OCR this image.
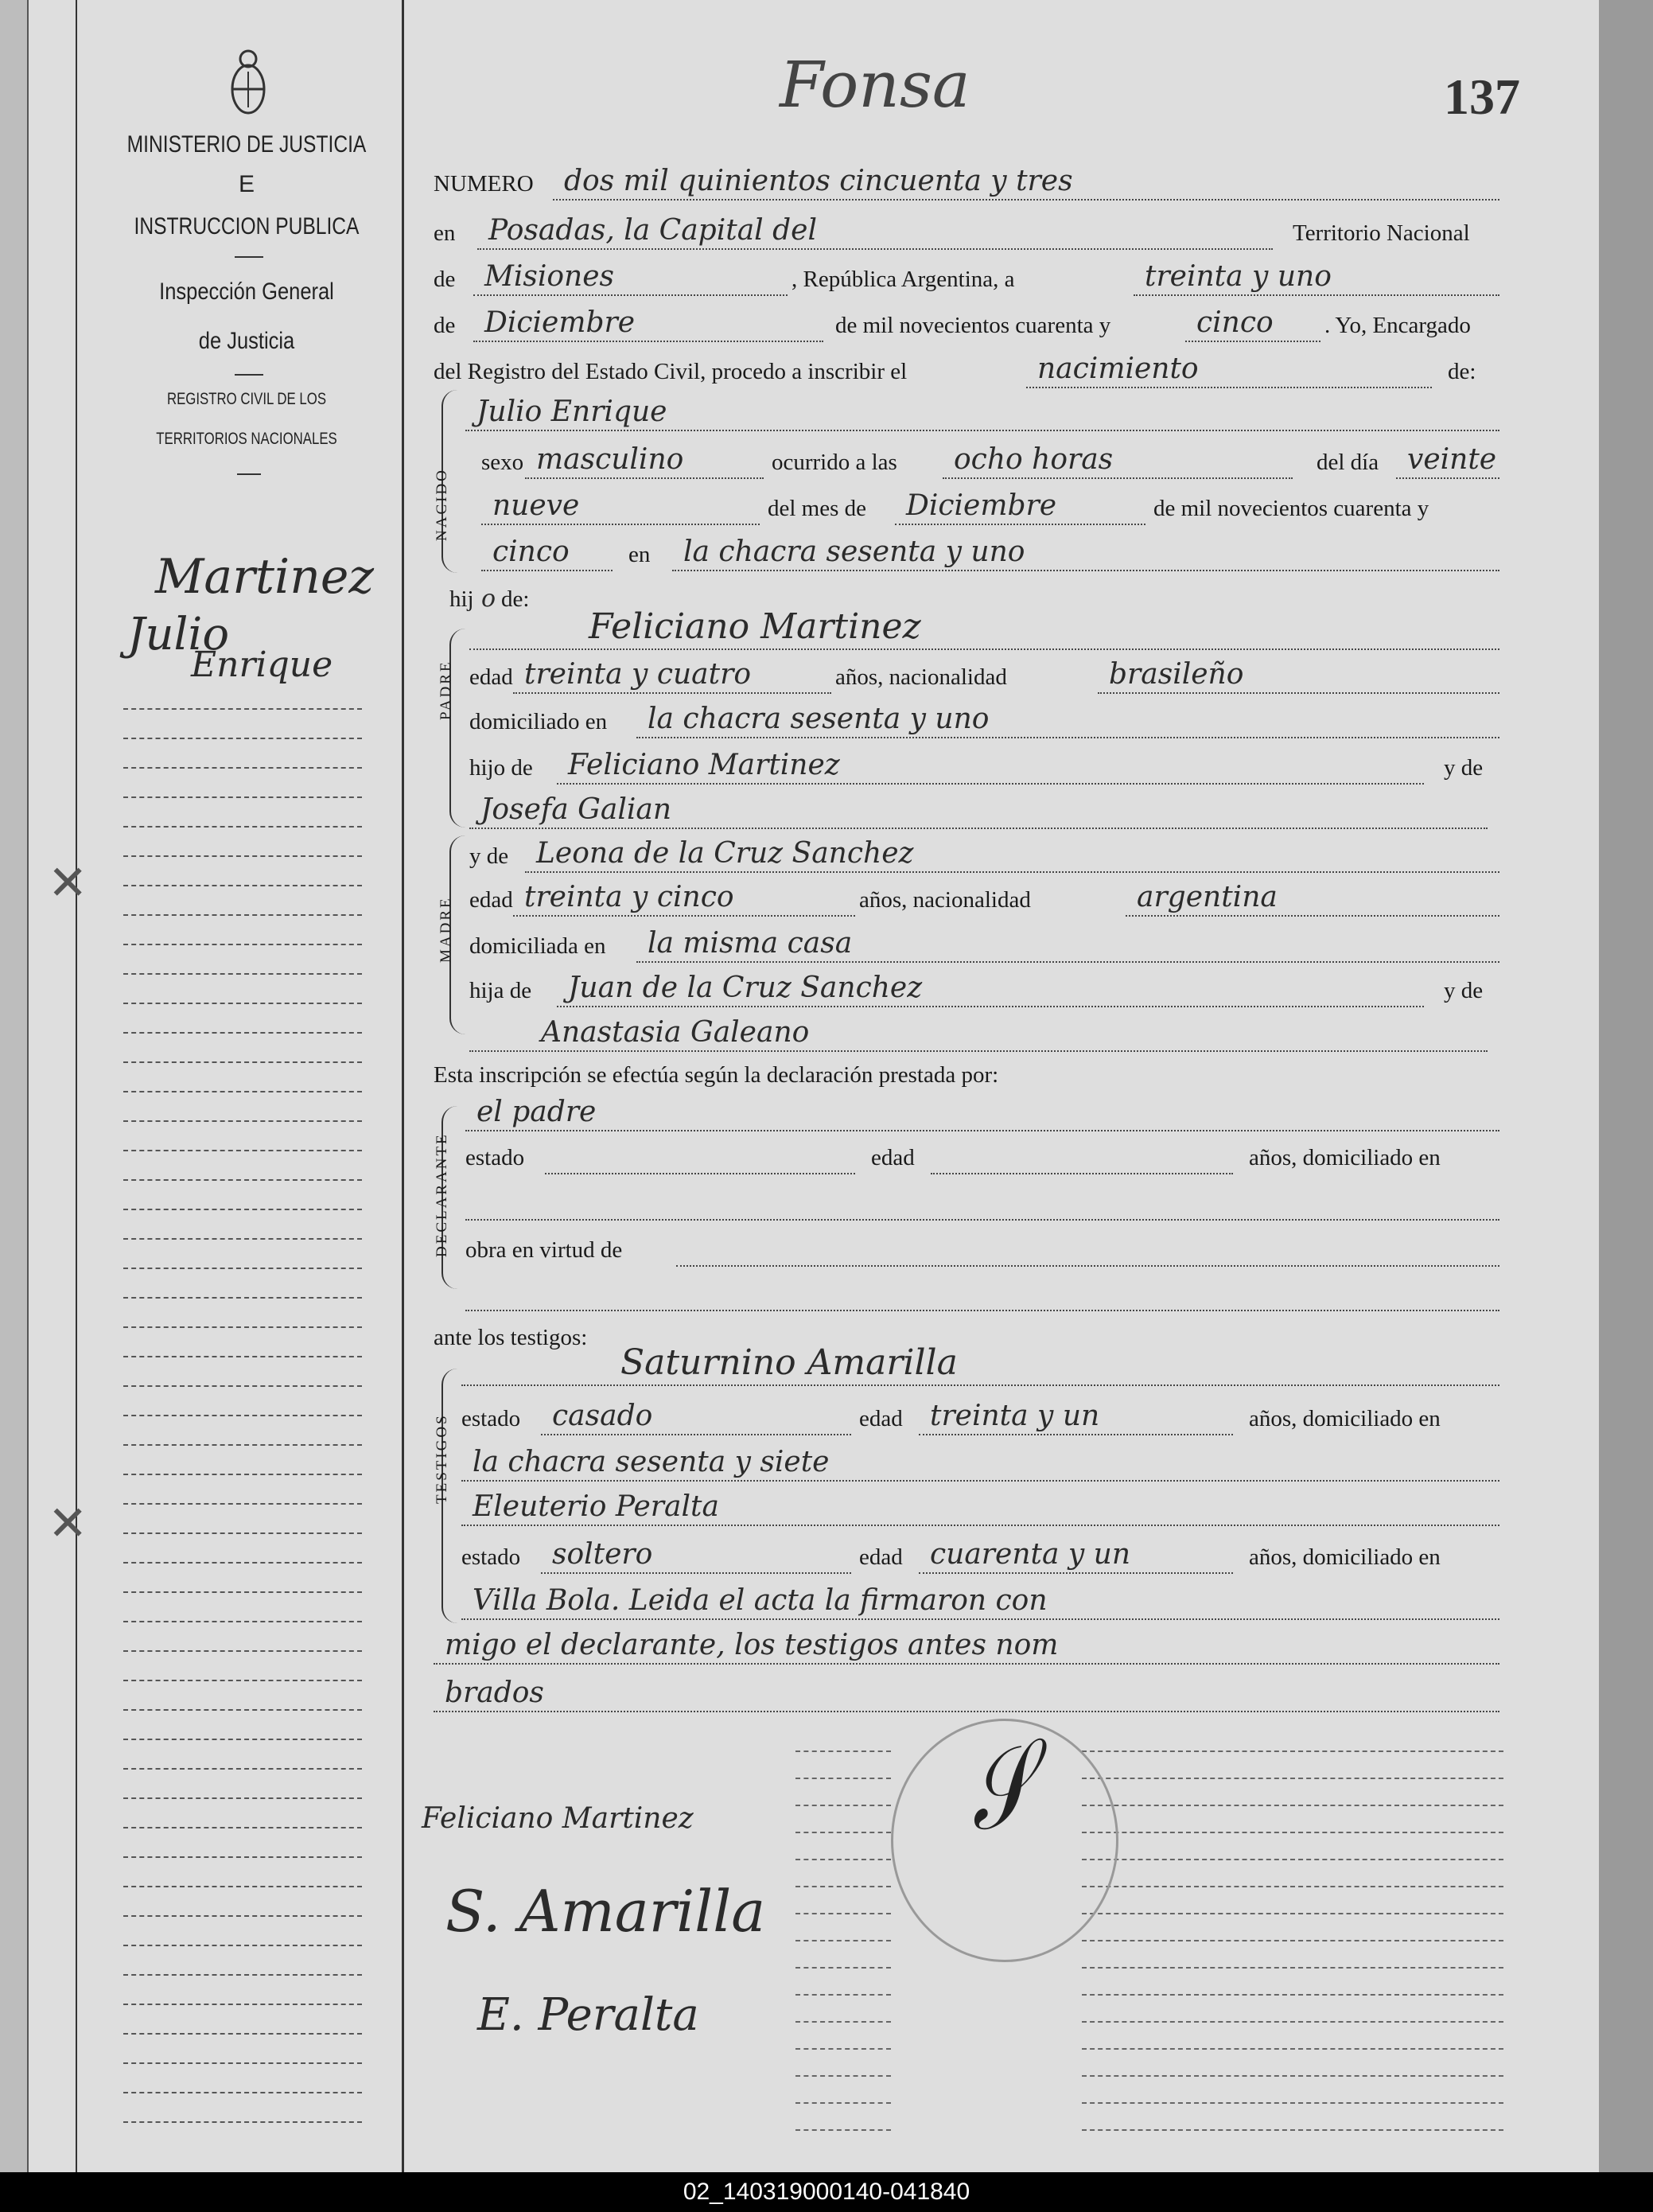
Fonsa	137
MINISTERIO DE JUSTICIA
E
INSTRUCCION PUBLICA
Inspección General
de Justicia
REGISTRO CIVIL DE LOS
TERRITORIOS NACIONALES
Martinez
Julio
Enrique
✕
✕
NUMERO dos mil quinientos cincuenta y tres
en Posadas, la Capital del	Territorio Nacional
de Misiones	, República Argentina, a	treinta y uno
de Diciembre	de mil novecientos cuarenta y	cinco . Yo, Encargado
del Registro del Estado Civil, procedo a inscribir el	nacimiento	de:
NACIDO
Julio Enrique
sexo masculino	ocurrido a las ocho horas	del día veinte
nueve	del mes de Diciembre	de mil novecientos cuarenta y
cinco	en la chacra sesenta y uno
hij o de:
PADRE
Feliciano Martinez
edad treinta y cuatro	años, nacionalidad	brasileño
domiciliado en la chacra sesenta y uno
hijo de Feliciano Martinez	y de
Josefa Galian
MADRE
y de Leona de la Cruz Sanchez
edad treinta y cinco	años, nacionalidad	argentina
domiciliada en la misma casa
hija de Juan de la Cruz Sanchez	y de
Anastasia Galeano
Esta inscripción se efectúa según la declaración prestada por:
DECLARANTE
el padre
estado	edad	años, domiciliado en
obra en virtud de
ante los testigos:
TESTIGOS
Saturnino Amarilla
estado casado	edad treinta y un	años, domiciliado en
la chacra sesenta y siete
Eleuterio Peralta
estado soltero	edad cuarenta y un	años, domiciliado en
Villa Bola. Leida el acta la firmaron con
migo el declarante, los testigos antes nom
brados
𝒮
Feliciano Martinez
S. Amarilla
E. Peralta
02_140319000140-041840
